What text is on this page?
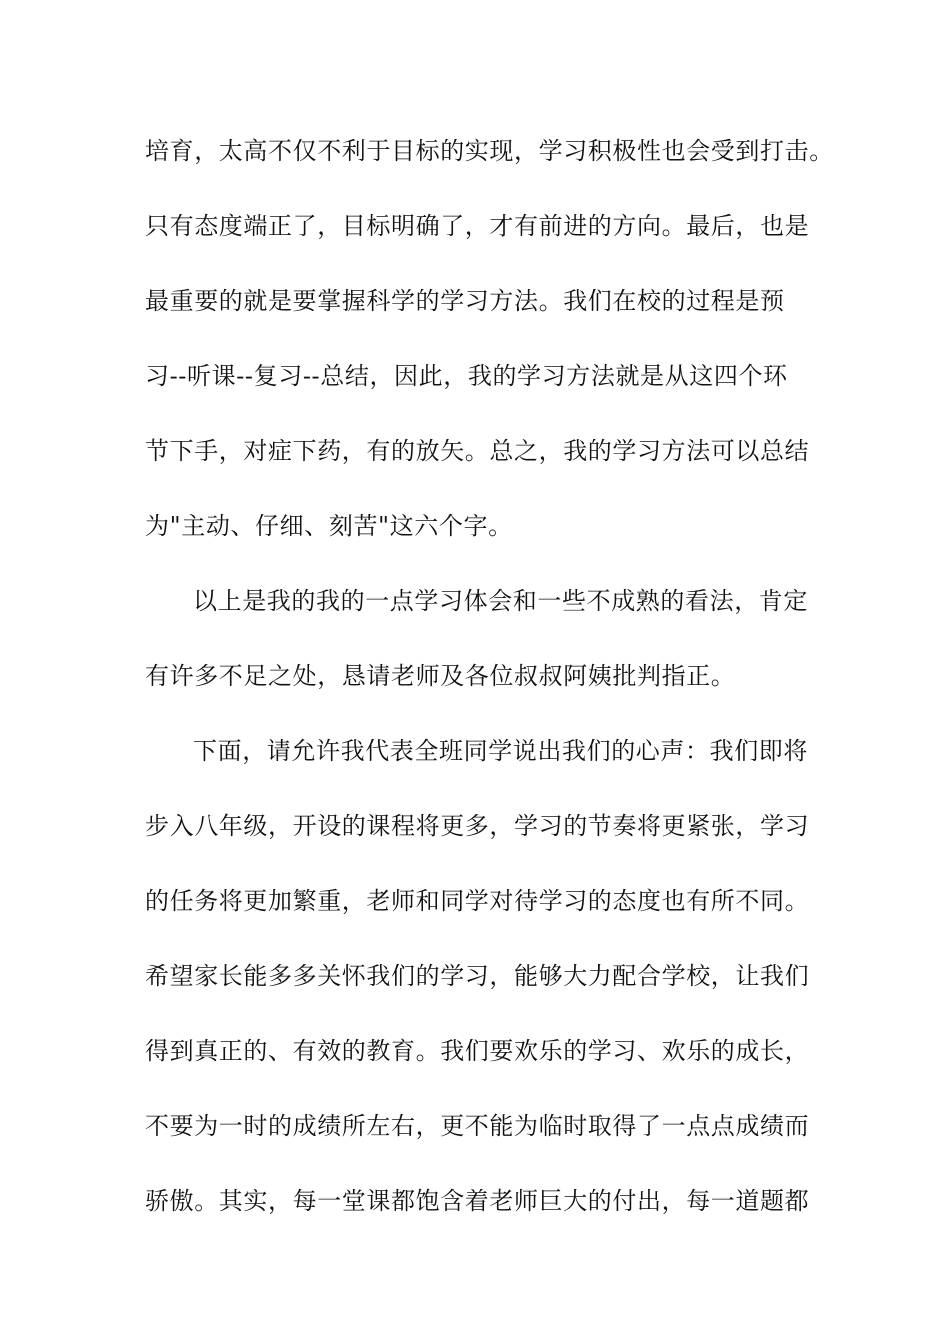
培育，太高不仅不利于目标的实现，学习积极性也会受到打击。
只有态度端正了，目标明确了，才有前进的方向。最后，也是
最重要的就是要掌握科学的学习方法。我们在校的过程是预
习--听课--复习--总结，因此，我的学习方法就是从这四个环
节下手，对症下药，有的放矢。总之，我的学习方法可以总结
为"主动、仔细、刻苦"这六个字。
以上是我的我的一点学习体会和一些不成熟的看法，肯定
有许多不足之处，恳请老师及各位叔叔阿姨批判指正。
下面，请允许我代表全班同学说出我们的心声：我们即将
步入八年级，开设的课程将更多，学习的节奏将更紧张，学习
的任务将更加繁重，老师和同学对待学习的态度也有所不同。
希望家长能多多关怀我们的学习，能够大力配合学校，让我们
得到真正的、有效的教育。我们要欢乐的学习、欢乐的成长，
不要为一时的成绩所左右，更不能为临时取得了一点点成绩而
骄傲。其实，每一堂课都饱含着老师巨大的付出，每一道题都
